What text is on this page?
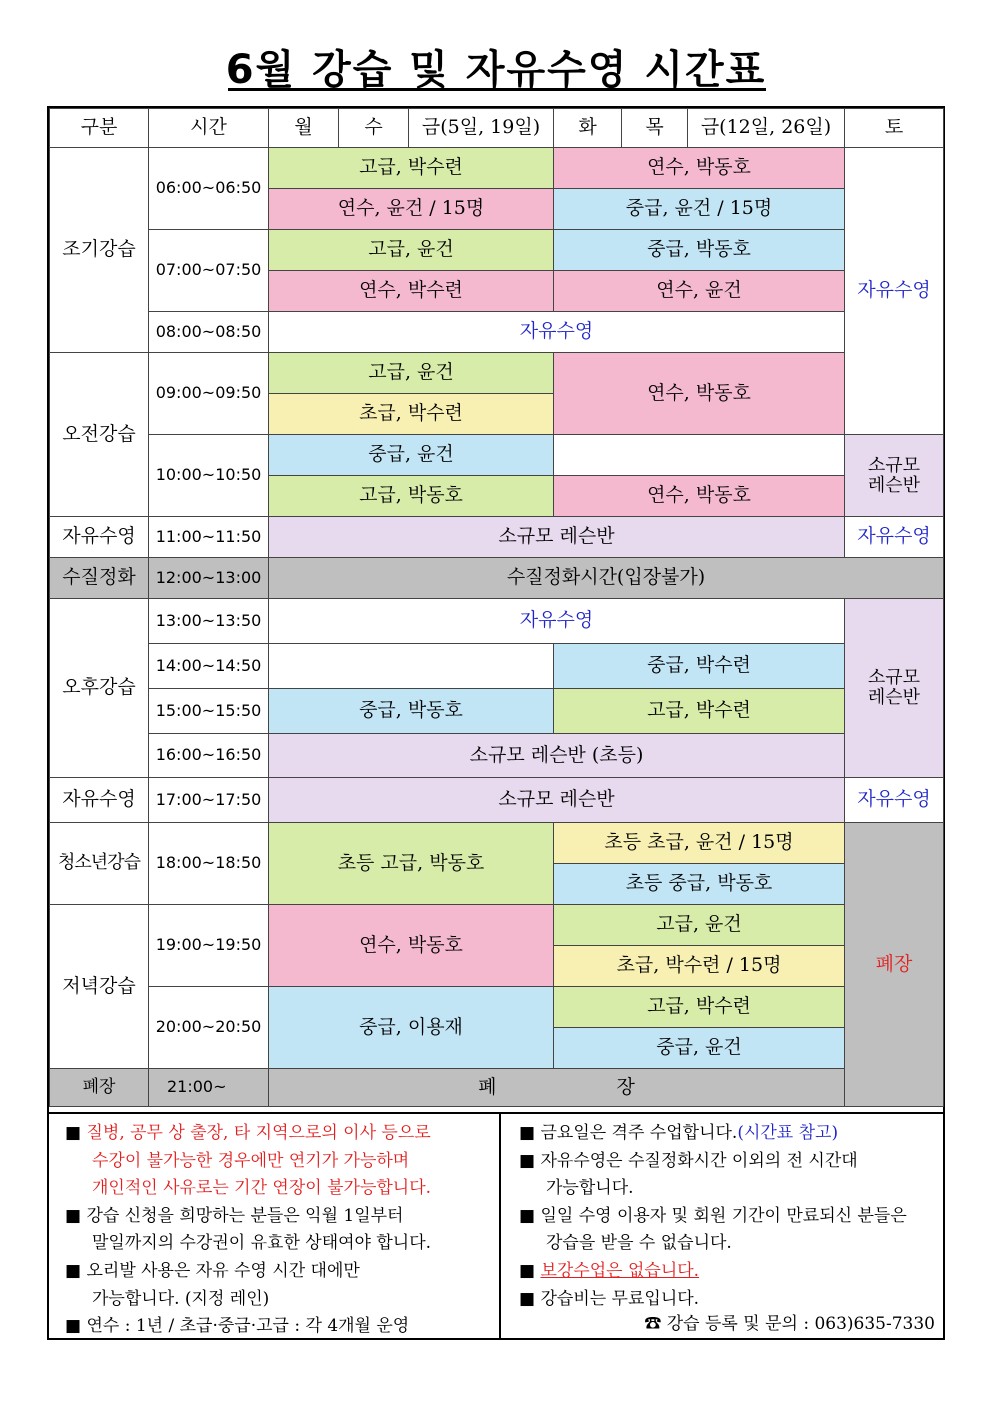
6월 강습 및 자유수영 시간표
구분	시간	월	수	금(5일, 19일)	화	목	금(12일, 26일)	토
조기강습	06:00~06:50	고급, 박수련			연수, 박동호			자유수영
		연수, 윤건 / 15명			중급, 윤건 / 15명			
	07:00~07:50	고급, 윤건			중급, 박동호			
		연수, 박수련			연수, 윤건			
	08:00~08:50	자유수영						
오전강습	09:00~09:50	고급, 윤건			연수, 박동호			
		초급, 박수련						
	10:00~10:50	중급, 윤건						소규모 레슨반

		고급, 박동호			연수, 박동호			
자유수영	11:00~11:50	소규모 레슨반						자유수영
수질정화	12:00~13:00	수질정화시간(입장불가)						
오후강습	13:00~13:50	자유수영						소규모 레슨반

	14:00~14:50				중급, 박수련			
	15:00~15:50	중급, 박동호			고급, 박수련			
	16:00~16:50	소규모 레슨반 (초등)						
자유수영	17:00~17:50	소규모 레슨반						자유수영
청소년강습	18:00~18:50	초등 고급, 박동호			초등 초급, 윤건 / 15명			폐장
					초등 중급, 박동호			
저녁강습	19:00~19:50	연수, 박동호			고급, 윤건			
					초급, 박수련 / 15명			
	20:00~20:50	중급, 이용재			고급, 박수련			
					중급, 윤건			
폐장	21:00~	폐 장						
■ 질병, 공무 상 출장, 타 지역으로의 이사 등으로
수강이 불가능한 경우에만 연기가 가능하며
개인적인 사유로는 기간 연장이 불가능합니다.
■ 강습 신청을 희망하는 분들은 익월 1일부터
말일까지의 수강권이 유효한 상태여야 합니다.
■ 오리발 사용은 자유 수영 시간 대에만
가능합니다. (지정 레인)
■ 연수 : 1년 / 초급·중급·고급 : 각 4개월 운영
■ 금요일은 격주 수업합니다.(시간표 참고)
■ 자유수영은 수질정화시간 이외의 전 시간대
가능합니다.
■ 일일 수영 이용자 및 회원 기간이 만료되신 분들은
강습을 받을 수 없습니다.
■ 보강수업은 없습니다.
■ 강습비는 무료입니다.
☎ 강습 등록 및 문의 : 063)635-7330
